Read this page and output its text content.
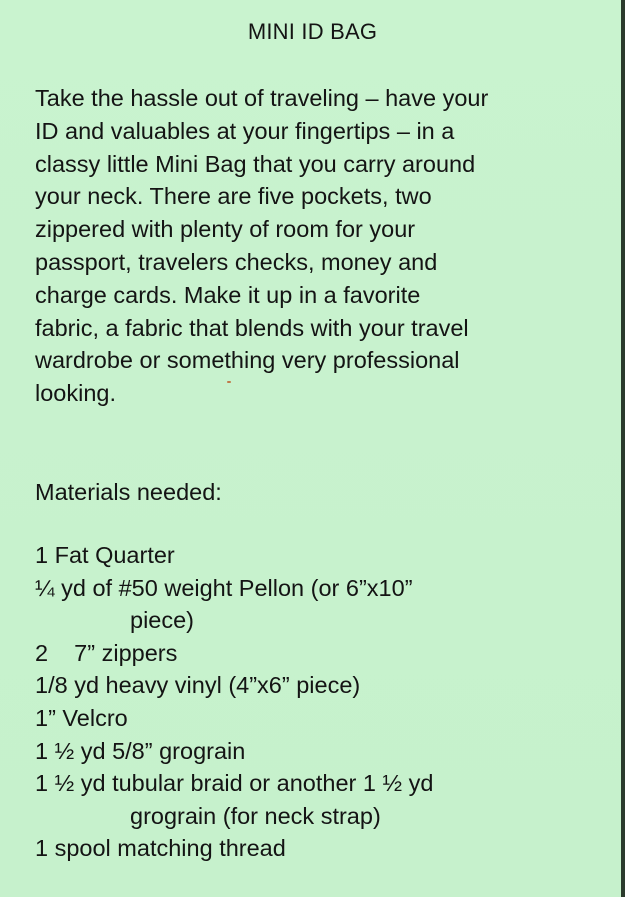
MINI ID BAG
Take the hassle out of traveling – have your
ID and valuables at your fingertips – in a
classy little Mini Bag that you carry around
your neck. There are five pockets, two
zippered with plenty of room for your
passport, travelers checks, money and
charge cards. Make it up in a favorite
fabric, a fabric that blends with your travel
wardrobe or something very professional
looking.
Materials needed:
1 Fat Quarter
¼ yd of #50 weight Pellon (or 6”x10”
piece)
2    7” zippers
1/8 yd heavy vinyl (4”x6” piece)
1” Velcro
1 ½ yd 5/8” grograin
1 ½ yd tubular braid or another 1 ½ yd
grograin (for neck strap)
1 spool matching thread
